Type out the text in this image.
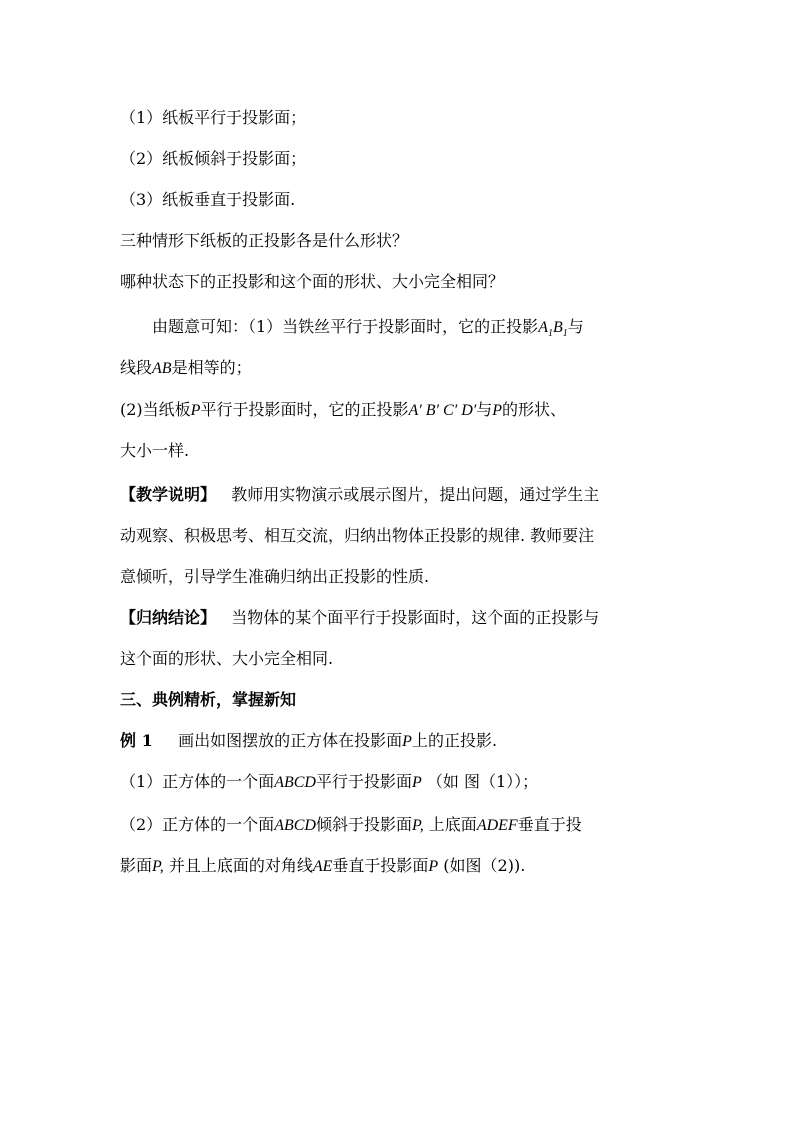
（1）纸板平行于投影面；
（2）纸板倾斜于投影面；
（3）纸板垂直于投影面.
三种情形下纸板的正投影各是什么形状？
哪种状态下的正投影和这个面的形状、大小完全相同？
由题意可知：（1）当铁丝平行于投影面时，它的正投影$A_1B_1$与
线段AB是相等的；
(2)当纸板P平行于投影面时，它的正投影A′ B′ C′ D′与P的形状、
大小一样.
【教学说明】 教师用实物演示或展示图片，提出问题，通过学生主
动观察、积极思考、相互交流，归纳出物体正投影的规律. 教师要注
意倾听，引导学生准确归纳出正投影的性质.
【归纳结论】 当物体的某个面平行于投影面时，这个面的正投影与
这个面的形状、大小完全相同.
三、典例精析，掌握新知
例 1 画出如图摆放的正方体在投影面P上的正投影.
（1）正方体的一个面ABCD平行于投影面P （如 图（1））；
（2）正方体的一个面ABCD倾斜于投影面P, 上底面ADEF垂直于投
影面P, 并且上底面的对角线AE垂直于投影面P (如图（2)).
